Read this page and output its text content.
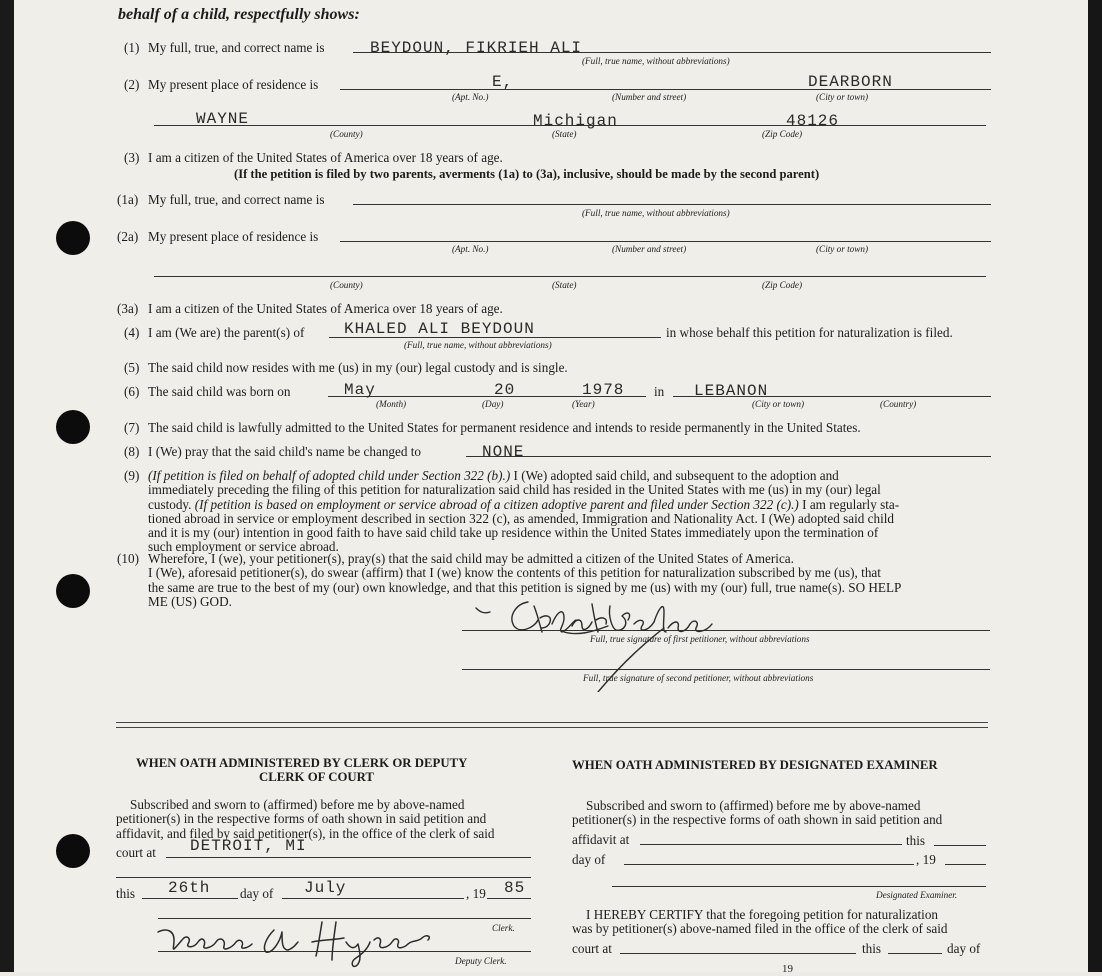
behalf of a child, respectfully shows:
(1) My full, true, and correct name is	BEYDOUN, FIKRIEH ALI
(Full, true name, without abbreviations)
(2) My present place of residence is	E,	DEARBORN
(Apt. No.)	(Number and street)	(City or town)
WAYNE	Michigan	48126
(County)	(State)	(Zip Code)
(3) I am a citizen of the United States of America over 18 years of age.
(If the petition is filed by two parents, averments (1a) to (3a), inclusive, should be made by the second parent)
(1a) My full, true, and correct name is
(Full, true name, without abbreviations)
(2a) My present place of residence is
(Apt. No.)	(Number and street)	(City or town)
(County)	(State)	(Zip Code)
(3a) I am a citizen of the United States of America over 18 years of age.
(4) I am (We are) the parent(s) of KHALED ALI BEYDOUN	in whose behalf this petition for naturalization is filed.
(Full, true name, without abbreviations)
(5) The said child now resides with me (us) in my (our) legal custody and is single.
(6) The said child was born on	May	20	1978 in LEBANON
(Month)	(Day)	(Year)	(City or town)	(Country)
(7) The said child is lawfully admitted to the United States for permanent residence and intends to reside permanently in the United States.
(8) I (We) pray that the said child's name be changed to	NONE
(9) (If petition is filed on behalf of adopted child under Section 322 (b).) I (We) adopted said child, and subsequent to the adoption and
immediately preceding the filing of this petition for naturalization said child has resided in the United States with me (us) in my (our) legal
custody. (If petition is based on employment or service abroad of a citizen adoptive parent and filed under Section 322 (c).) I am regularly sta-
tioned abroad in service or employment described in section 322 (c), as amended, Immigration and Nationality Act. I (We) adopted said child
and it is my (our) intention in good faith to have said child take up residence within the United States immediately upon the termination of
such employment or service abroad.
(10) Wherefore, I (we), your petitioner(s), pray(s) that the said child may be admitted a citizen of the United States of America.
I (We), aforesaid petitioner(s), do swear (affirm) that I (we) know the contents of this petition for naturalization subscribed by me (us), that
the same are true to the best of my (our) own knowledge, and that this petition is signed by me (us) with my (our) full, true name(s). SO HELP
ME (US) GOD.
Full, true signature of first petitioner, without abbreviations
Full, true signature of second petitioner, without abbreviations
WHEN OATH ADMINISTERED BY CLERK OR DEPUTY
CLERK OF COURT
Subscribed and sworn to (affirmed) before me by above-named
petitioner(s) in the respective forms of oath shown in said petition and
affidavit, and filed by said petitioner(s), in the office of the clerk of said
court at DETROIT, MI
this 26th day of July	, 19 85
Clerk.
Deputy Clerk.
WHEN OATH ADMINISTERED BY DESIGNATED EXAMINER
Subscribed and sworn to (affirmed) before me by above-named
petitioner(s) in the respective forms of oath shown in said petition and
affidavit at	this
day of	, 19
Designated Examiner.
I HEREBY CERTIFY that the foregoing petition for naturalization
was by petitioner(s) above-named filed in the office of the clerk of said
court at	this	day of
19
